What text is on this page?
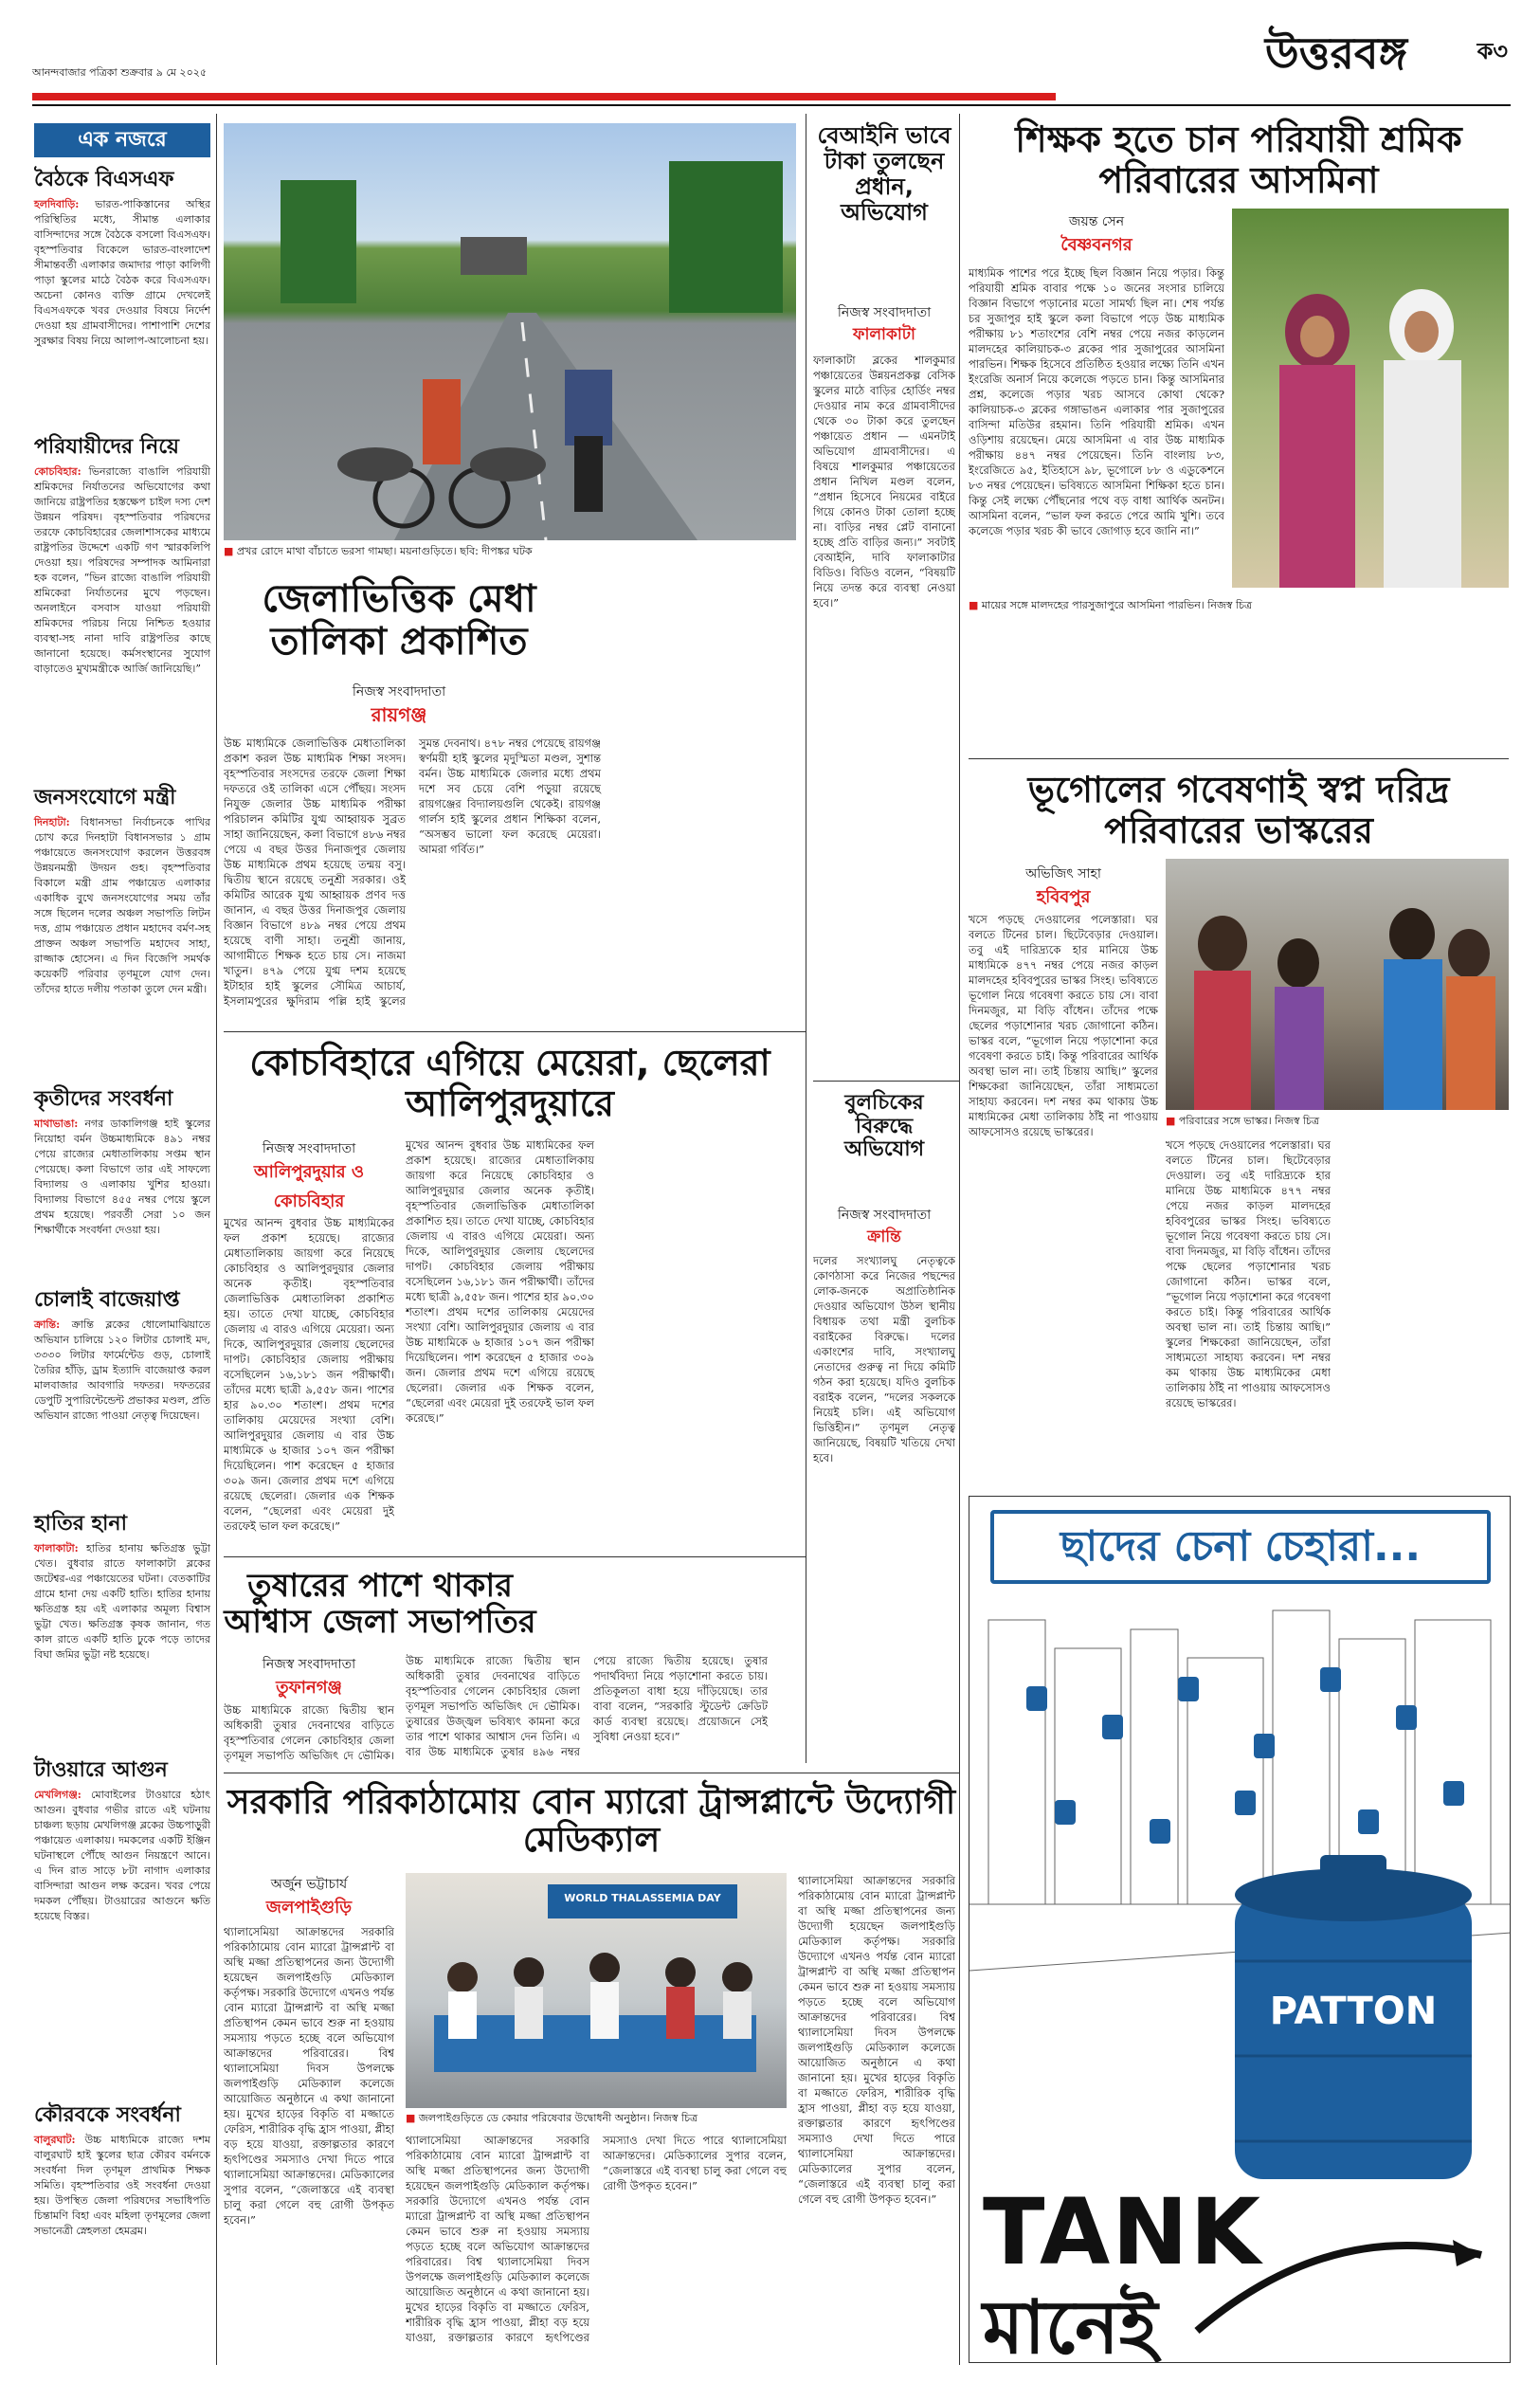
আনন্দবাজার পত্রিকা শুক্রবার ৯ মে ২০২৫	উত্তরবঙ্গ	ক৩
এক নজরে
বৈঠকে বিএসএফ

হলদিবাড়ি: ভারত-পাকিস্তানের অস্থির পরিস্থিতির মধ্যে, সীমান্ত এলাকার বাসিন্দাদের সঙ্গে বৈঠকে বসলো বিএসএফ। বৃহস্পতিবার বিকেলে ভারত-বাংলাদেশ সীমান্তবর্তী এলাকার জমাদার পাড়া কালিগী পাড়া স্কুলের মাঠে বৈঠক করে বিএসএফ। অচেনা কোনও ব্যক্তি গ্রামে দেখলেই বিএসএফকে খবর দেওয়ার বিষয়ে নির্দেশ দেওয়া হয় গ্রামবাসীদের। পাশাপাশি দেশের সুরক্ষার বিষয় নিয়ে আলাপ-আলোচনা হয়।

পরিযায়ীদের নিয়ে

কোচবিহার: ভিনরাজ্যে বাঙালি পরিযায়ী শ্রমিকদের নির্যাতনের অভিযোগের কথা জানিয়ে রাষ্ট্রপতির হস্তক্ষেপ চাইল দস্য দেশ উন্নয়ন পরিষদ। বৃহস্পতিবার পরিষদের তরফে কোচবিহারের জেলাশাসকের মাধ্যমে রাষ্ট্রপতির উদ্দেশে একটি গণ স্মারকলিপি দেওয়া হয়। পরিষদের সম্পাদক আমিনারা হক বলেন, “ভিন রাজ্যে বাঙালি পরিযায়ী শ্রমিকেরা নির্যাতনের মুখে পড়ছেন। অনলাইনে বসবাস যাওয়া পরিযায়ী শ্রমিকদের পরিচয় নিয়ে নিশ্চিত হওয়ার ব্যবস্থা-সহ নানা দাবি রাষ্ট্রপতির কাছে জানানো হয়েছে। কর্মসংস্থানের সুযোগ বাড়াতেও মুখ্যমন্ত্রীকে আর্জি জানিয়েছি।”

জনসংযোগে মন্ত্রী

দিনহাটা: বিধানসভা নির্বাচনকে পাখির চোখ করে দিনহাটা বিধানসভার ১ গ্রাম পঞ্চায়েতে জনসংযোগ করলেন উত্তরবঙ্গ উন্নয়নমন্ত্রী উদয়ন গুহ। বৃহস্পতিবার বিকালে মন্ত্রী গ্রাম পঞ্চায়েত এলাকার একাধিক বুথে জনসংযোগের সময় তাঁর সঙ্গে ছিলেন দলের অঞ্চল সভাপতি লিটন দত্ত, গ্রাম পঞ্চায়েত প্রধান মহাদেব বর্মণ-সহ প্রাক্তন অঞ্চল সভাপতি মহাদেব সাহা, রাজ্জাক হোসেন। এ দিন বিজেপি সমর্থক কয়েকটি পরিবার তৃণমূলে যোগ দেন। তাঁদের হাতে দলীয় পতাকা তুলে দেন মন্ত্রী।

কৃতীদের সংবর্ধনা

মাথাভাঙা: নগর ডাকালিগঞ্জ হাই স্কুলের নিয়োহা বর্মন উচ্চমাধ্যমিকে ৪৯১ নম্বর পেয়ে রাজ্যের মেধাতালিকায় সপ্তম স্থান পেয়েছে। কলা বিভাগে তার এই সাফল্যে বিদ্যালয় ও এলাকায় খুশির হাওয়া। বিদ্যালয় বিভাগে ৪৫৫ নম্বর পেয়ে স্কুলে প্রথম হয়েছে। পরবর্তী সেরা ১০ জন শিক্ষার্থীকে সংবর্ধনা দেওয়া হয়।

চোলাই বাজেয়াপ্ত

ক্রান্তি: ক্রান্তি ব্লকের ধোলোমাঝিয়াতে অভিযান চালিয়ে ১২০ লিটার চোলাই মদ, ৩৩৩০ লিটার ফার্মেন্টেড গুড়, চোলাই তৈরির হাঁড়ি, ড্রাম ইত্যাদি বাজেয়াপ্ত করল মালবাজার আবগারি দফতর। দফতরের ডেপুটি সুপারিন্টেন্ডেন্ট প্রভাকর মণ্ডল, প্রতি অভিযান রাজ্যে পাওয়া নেতৃত্ব দিয়েছেন।

হাতির হানা

ফালাকাটা: হাতির হানায় ক্ষতিগ্রস্ত ভুট্টা খেত। বুধবার রাতে ফালাকাটা ব্লকের জটেশ্বর-এর পঞ্চায়েতের ঘটনা। বেতকাটির গ্রামে হানা দেয় একটি হাতি। হাতির হানায় ক্ষতিগ্রস্ত হয় এই এলাকার অমূল্য বিশ্বাস ভুট্টা খেত। ক্ষতিগ্রস্ত কৃষক জানান, গত কাল রাতে একটি হাতি ঢুকে পড়ে তাদের বিঘা জমির ভুট্টা নষ্ট হয়েছে।

টাওয়ারে আগুন

মেখলিগঞ্জ: মোবাইলের টাওয়ারে হঠাৎ আগুন। বুধবার গভীর রাতে এই ঘটনায় চাঞ্চল্য ছড়ায় মেখলিগঞ্জ ব্লকের উচ্চপাড়ুরী পঞ্চায়েত এলাকায়। দমকলের একটি ইঞ্জিন ঘটনাস্থলে পৌঁছে আগুন নিয়ন্ত্রণে আনে। এ দিন রাত সাড়ে ৮টা নাগাদ এলাকার বাসিন্দারা আগুন লক্ষ করেন। খবর পেয়ে দমকল পৌঁছয়। টাওয়ারের আগুনে ক্ষতি হয়েছে বিস্তর।

কৌরবকে সংবর্ধনা

বালুরঘাট: উচ্চ মাধ্যমিকে রাজ্যে দশম বালুরঘাট হাই স্কুলের ছাত্র কৌরব বর্মনকে সংবর্ধনা দিল তৃণমূল প্রাথমিক শিক্ষক সমিতি। বৃহস্পতিবার ওই সংবর্ধনা দেওয়া হয়। উপস্থিত জেলা পরিষদের সভাধিপতি চিন্তামণি বিহা এবং মহিলা তৃণমূলের জেলা সভানেত্রী স্নেহলতা হেমব্রম।

■ প্রখর রোদে মাথা বাঁচাতে ভরসা গামছা। ময়নাগুড়িতে। ছবি: দীপঙ্কর ঘটক
জেলাভিত্তিক মেধা তালিকা প্রকাশিত
নিজস্ব সংবাদদাতা
রায়গঞ্জ
উচ্চ মাধ্যমিকে জেলাভিত্তিক মেধাতালিকা প্রকাশ করল উচ্চ মাধ্যমিক শিক্ষা সংসদ। বৃহস্পতিবার সংসদের তরফে জেলা শিক্ষা দফতরে ওই তালিকা এসে পৌঁছয়। সংসদ নিযুক্ত জেলার উচ্চ মাধ্যমিক পরীক্ষা পরিচালন কমিটির যুগ্ম আহ্বায়ক সুব্রত সাহা জানিয়েছেন, কলা বিভাগে ৪৮৬ নম্বর পেয়ে এ বছর উত্তর দিনাজপুর জেলায় উচ্চ মাধ্যমিকে প্রথম হয়েছে তন্ময় বসু। দ্বিতীয় স্থানে রয়েছে তনুশ্রী সরকার। ওই কমিটির আরেক যুগ্ম আহ্বায়ক প্রণব দত্ত জানান, এ বছর উত্তর দিনাজপুর জেলায় বিজ্ঞান বিভাগে ৪৮৯ নম্বর পেয়ে প্রথম হয়েছে বাণী সাহা। তনুশ্রী জানায়, আগামীতে শিক্ষক হতে চায় সে। নাজমা খাতুন। ৪৭৯ পেয়ে যুগ্ম দশম হয়েছে ইটাহার হাই স্কুলের সৌমিত্র আচার্য, ইসলামপুরের ক্ষুদিরাম পল্লি হাই স্কুলের সুমন্ত দেবনাথ। ৪৭৮ নম্বর পেয়েছে রায়গঞ্জ স্বর্ণময়ী হাই স্কুলের মৃদুস্মিতা মণ্ডল, সুশান্ত বর্মন। উচ্চ মাধ্যমিকে জেলার মধ্যে প্রথম দশে সব চেয়ে বেশি পড়ুয়া রয়েছে রায়গঞ্জের বিদ্যালয়গুলি থেকেই। রায়গঞ্জ গার্লস হাই স্কুলের প্রধান শিক্ষিকা বলেন, “অসম্ভব ভালো ফল করেছে মেয়েরা। আমরা গর্বিত।”
বেআইনি ভাবে টাকা তুলছেন প্রধান, অভিযোগ
নিজস্ব সংবাদদাতা
ফালাকাটা
ফালাকাটা ব্লকের শালকুমার পঞ্চায়েতের উন্নয়নপ্রকল্প বেসিক স্কুলের মাঠে বাড়ির হোর্ডিং নম্বর দেওয়ার নাম করে গ্রামবাসীদের থেকে ৩০ টাকা করে তুলছেন পঞ্চায়েত প্রধান — এমনটাই অভিযোগ গ্রামবাসীদের। এ বিষয়ে শালকুমার পঞ্চায়েতের প্রধান নিখিল মণ্ডল বলেন, “প্রধান হিসেবে নিয়মের বাইরে গিয়ে কোনও টাকা তোলা হচ্ছে না। বাড়ির নম্বর প্লেট বানানো হচ্ছে প্রতি বাড়ির জন্য।” সবটাই বেআইনি, দাবি ফালাকাটার বিডিও। বিডিও বলেন, “বিষয়টি নিয়ে তদন্ত করে ব্যবস্থা নেওয়া হবে।”
শিক্ষক হতে চান পরিযায়ী শ্রমিক পরিবারের আসমিনা
জয়ন্ত সেন
বৈষ্ণবনগর
মাধ্যমিক পাশের পরে ইচ্ছে ছিল বিজ্ঞান নিয়ে পড়ার। কিন্তু পরিযায়ী শ্রমিক বাবার পক্ষে ১০ জনের সংসার চালিয়ে বিজ্ঞান বিভাগে পড়ানোর মতো সামর্থ্য ছিল না। শেষ পর্যন্ত চর সুজাপুর হাই স্কুলে কলা বিভাগে পড়ে উচ্চ মাধ্যমিক পরীক্ষায় ৮১ শতাংশের বেশি নম্বর পেয়ে নজর কাড়লেন মালদহের কালিয়াচক-৩ ব্লকের পার সুজাপুরের আসমিনা পারভিন। শিক্ষক হিসেবে প্রতিষ্ঠিত হওয়ার লক্ষ্যে তিনি এখন ইংরেজি অনার্স নিয়ে কলেজে পড়তে চান। কিন্তু আসমিনার প্রশ্ন, কলেজে পড়ার খরচ আসবে কোথা থেকে? কালিয়াচক-৩ ব্লকের গঙ্গাভাঙন এলাকার পার সুজাপুরের বাসিন্দা মতিউর রহমান। তিনি পরিযায়ী শ্রমিক। এখন ওড়িশায় রয়েছেন। মেয়ে আসমিনা এ বার উচ্চ মাধ্যমিক পরীক্ষায় ৪৪৭ নম্বর পেয়েছেন। তিনি বাংলায় ৮৩, ইংরেজিতে ৯৫, ইতিহাসে ৯৮, ভূগোলে ৮৮ ও এডুকেশনে ৮৩ নম্বর পেয়েছেন। ভবিষ্যতে আসমিনা শিক্ষিকা হতে চান। কিন্তু সেই লক্ষ্যে পৌঁছনোর পথে বড় বাধা আর্থিক অনটন। আসমিনা বলেন, “ভাল ফল করতে পেরে আমি খুশি। তবে কলেজে পড়ার খরচ কী ভাবে জোগাড় হবে জানি না।”
■ মায়ের সঙ্গে মালদহের পারসুজাপুরে আসমিনা পারভিন। নিজস্ব চিত্র
ভূগোলের গবেষণাই স্বপ্ন দরিদ্র পরিবারের ভাস্করের
অভিজিৎ সাহা
হবিবপুর
■ পরিবারের সঙ্গে ভাস্কর। নিজস্ব চিত্র
খসে পড়ছে দেওয়ালের পলেস্তারা। ঘর বলতে টিনের চাল। ছিটেবেড়ার দেওয়াল। তবু এই দারিদ্র্যকে হার মানিয়ে উচ্চ মাধ্যমিকে ৪৭৭ নম্বর পেয়ে নজর কাড়ল মালদহের হবিবপুরের ভাস্কর সিংহ। ভবিষ্যতে ভূগোল নিয়ে গবেষণা করতে চায় সে। বাবা দিনমজুর, মা বিড়ি বাঁধেন। তাঁদের পক্ষে ছেলের পড়াশোনার খরচ জোগানো কঠিন। ভাস্কর বলে, “ভূগোল নিয়ে পড়াশোনা করে গবেষণা করতে চাই। কিন্তু পরিবারের আর্থিক অবস্থা ভাল না। তাই চিন্তায় আছি।” স্কুলের শিক্ষকেরা জানিয়েছেন, তাঁরা সাধ্যমতো সাহায্য করবেন। দশ নম্বর কম থাকায় উচ্চ মাধ্যমিকের মেধা তালিকায় ঠাঁই না পাওয়ায় আফসোসও রয়েছে ভাস্করের।
খসে পড়ছে দেওয়ালের পলেস্তারা। ঘর বলতে টিনের চাল। ছিটেবেড়ার দেওয়াল। তবু এই দারিদ্র্যকে হার মানিয়ে উচ্চ মাধ্যমিকে ৪৭৭ নম্বর পেয়ে নজর কাড়ল মালদহের হবিবপুরের ভাস্কর সিংহ। ভবিষ্যতে ভূগোল নিয়ে গবেষণা করতে চায় সে। বাবা দিনমজুর, মা বিড়ি বাঁধেন। তাঁদের পক্ষে ছেলের পড়াশোনার খরচ জোগানো কঠিন। ভাস্কর বলে, “ভূগোল নিয়ে পড়াশোনা করে গবেষণা করতে চাই। কিন্তু পরিবারের আর্থিক অবস্থা ভাল না। তাই চিন্তায় আছি।” স্কুলের শিক্ষকেরা জানিয়েছেন, তাঁরা সাধ্যমতো সাহায্য করবেন। দশ নম্বর কম থাকায় উচ্চ মাধ্যমিকের মেধা তালিকায় ঠাঁই না পাওয়ায় আফসোসও রয়েছে ভাস্করের।
কোচবিহারে এগিয়ে মেয়েরা, ছেলেরা আলিপুরদুয়ারে
নিজস্ব সংবাদদাতা
আলিপুরদুয়ার ও কোচবিহার
মুখের আনন্দ বুধবার উচ্চ মাধ্যমিকের ফল প্রকাশ হয়েছে। রাজ্যের মেধাতালিকায় জায়গা করে নিয়েছে কোচবিহার ও আলিপুরদুয়ার জেলার অনেক কৃতীই। বৃহস্পতিবার জেলাভিত্তিক মেধাতালিকা প্রকাশিত হয়। তাতে দেখা যাচ্ছে, কোচবিহার জেলায় এ বারও এগিয়ে মেয়েরা। অন্য দিকে, আলিপুরদুয়ার জেলায় ছেলেদের দাপট। কোচবিহার জেলায় পরীক্ষায় বসেছিলেন ১৬,১৮১ জন পরীক্ষার্থী। তাঁদের মধ্যে ছাত্রী ৯,৫৫৮ জন। পাশের হার ৯০.৩০ শতাংশ। প্রথম দশের তালিকায় মেয়েদের সংখ্যা বেশি। আলিপুরদুয়ার জেলায় এ বার উচ্চ মাধ্যমিকে ৬ হাজার ১০৭ জন পরীক্ষা দিয়েছিলেন। পাশ করেছেন ৫ হাজার ৩০৯ জন। জেলার প্রথম দশে এগিয়ে রয়েছে ছেলেরা। জেলার এক শিক্ষক বলেন, “ছেলেরা এবং মেয়েরা দুই তরফেই ভাল ফল করেছে।”
মুখের আনন্দ বুধবার উচ্চ মাধ্যমিকের ফল প্রকাশ হয়েছে। রাজ্যের মেধাতালিকায় জায়গা করে নিয়েছে কোচবিহার ও আলিপুরদুয়ার জেলার অনেক কৃতীই। বৃহস্পতিবার জেলাভিত্তিক মেধাতালিকা প্রকাশিত হয়। তাতে দেখা যাচ্ছে, কোচবিহার জেলায় এ বারও এগিয়ে মেয়েরা। অন্য দিকে, আলিপুরদুয়ার জেলায় ছেলেদের দাপট। কোচবিহার জেলায় পরীক্ষায় বসেছিলেন ১৬,১৮১ জন পরীক্ষার্থী। তাঁদের মধ্যে ছাত্রী ৯,৫৫৮ জন। পাশের হার ৯০.৩০ শতাংশ। প্রথম দশের তালিকায় মেয়েদের সংখ্যা বেশি। আলিপুরদুয়ার জেলায় এ বার উচ্চ মাধ্যমিকে ৬ হাজার ১০৭ জন পরীক্ষা দিয়েছিলেন। পাশ করেছেন ৫ হাজার ৩০৯ জন। জেলার প্রথম দশে এগিয়ে রয়েছে ছেলেরা। জেলার এক শিক্ষক বলেন, “ছেলেরা এবং মেয়েরা দুই তরফেই ভাল ফল করেছে।”
বুলচিকের বিরুদ্ধে অভিযোগ
নিজস্ব সংবাদদাতা
ক্রান্তি
দলের সংখ্যালঘু নেতৃত্বকে কোণঠাসা করে নিজের পছন্দের লোক-জনকে অপ্রাতিষ্ঠানিক দেওয়ার অভিযোগ উঠল স্থানীয় বিধায়ক তথা মন্ত্রী বুলচিক বরাইকের বিরুদ্ধে। দলের একাংশের দাবি, সংখ্যালঘু নেতাদের গুরুত্ব না দিয়ে কমিটি গঠন করা হয়েছে। যদিও বুলচিক বরাইক বলেন, “দলের সকলকে নিয়েই চলি। এই অভিযোগ ভিত্তিহীন।” তৃণমূল নেতৃত্ব জানিয়েছে, বিষয়টি খতিয়ে দেখা হবে।
তুষারের পাশে থাকার আশ্বাস জেলা সভাপতির
নিজস্ব সংবাদদাতা
তুফানগঞ্জ
উচ্চ মাধ্যমিকে রাজ্যে দ্বিতীয় স্থান অধিকারী তুষার দেবনাথের বাড়িতে বৃহস্পতিবার গেলেন কোচবিহার জেলা তৃণমূল সভাপতি অভিজিৎ দে ভৌমিক।
উচ্চ মাধ্যমিকে রাজ্যে দ্বিতীয় স্থান অধিকারী তুষার দেবনাথের বাড়িতে বৃহস্পতিবার গেলেন কোচবিহার জেলা তৃণমূল সভাপতি অভিজিৎ দে ভৌমিক। তুষারের উজ্জ্বল ভবিষ্যৎ কামনা করে তার পাশে থাকার আশ্বাস দেন তিনি। এ বার উচ্চ মাধ্যমিকে তুষার ৪৯৬ নম্বর পেয়ে রাজ্যে দ্বিতীয় হয়েছে। তুষার পদার্থবিদ্যা নিয়ে পড়াশোনা করতে চায়। প্রতিকূলতা বাধা হয়ে দাঁড়িয়েছে। তার বাবা বলেন, “সরকারি স্টুডেন্ট ক্রেডিট কার্ড ব্যবস্থা রয়েছে। প্রয়োজনে সেই সুবিধা নেওয়া হবে।”
সরকারি পরিকাঠামোয় বোন ম্যারো ট্রান্সপ্লান্টে উদ্যোগী মেডিক্যাল
অর্জুন ভট্টাচার্য
জলপাইগুড়ি
থ্যালাসেমিয়া আক্রান্তদের সরকারি পরিকাঠামোয় বোন ম্যারো ট্রান্সপ্লান্ট বা অস্থি মজ্জা প্রতিস্থাপনের জন্য উদ্যোগী হয়েছেন জলপাইগুড়ি মেডিক্যাল কর্তৃপক্ষ। সরকারি উদ্যোগে এখনও পর্যন্ত বোন ম্যারো ট্রান্সপ্লান্ট বা অস্থি মজ্জা প্রতিস্থাপন কেমন ভাবে শুরু না হওয়ায় সমস্যায় পড়তে হচ্ছে বলে অভিযোগ আক্রান্তদের পরিবারের। বিশ্ব থ্যালাসেমিয়া দিবস উপলক্ষে জলপাইগুড়ি মেডিক্যাল কলেজে আয়োজিত অনুষ্ঠানে এ কথা জানানো হয়। মুখের হাড়ের বিকৃতি বা মজ্জাতে ফেরিস, শারীরিক বৃদ্ধি হ্রাস পাওয়া, প্লীহা বড় হয়ে যাওয়া, রক্তাল্পতার কারণে হৃৎপিণ্ডের সমস্যাও দেখা দিতে পারে থ্যালাসেমিয়া আক্রান্তদের। মেডিক্যালের সুপার বলেন, “জেলাস্তরে এই ব্যবস্থা চালু করা গেলে বহু রোগী উপকৃত হবেন।”
WORLD THALASSEMIA DAY
■ জলপাইগুড়িতে ডে কেয়ার পরিষেবার উদ্বোধনী অনুষ্ঠান। নিজস্ব চিত্র
থ্যালাসেমিয়া আক্রান্তদের সরকারি পরিকাঠামোয় বোন ম্যারো ট্রান্সপ্লান্ট বা অস্থি মজ্জা প্রতিস্থাপনের জন্য উদ্যোগী হয়েছেন জলপাইগুড়ি মেডিক্যাল কর্তৃপক্ষ। সরকারি উদ্যোগে এখনও পর্যন্ত বোন ম্যারো ট্রান্সপ্লান্ট বা অস্থি মজ্জা প্রতিস্থাপন কেমন ভাবে শুরু না হওয়ায় সমস্যায় পড়তে হচ্ছে বলে অভিযোগ আক্রান্তদের পরিবারের। বিশ্ব থ্যালাসেমিয়া দিবস উপলক্ষে জলপাইগুড়ি মেডিক্যাল কলেজে আয়োজিত অনুষ্ঠানে এ কথা জানানো হয়। মুখের হাড়ের বিকৃতি বা মজ্জাতে ফেরিস, শারীরিক বৃদ্ধি হ্রাস পাওয়া, প্লীহা বড় হয়ে যাওয়া, রক্তাল্পতার কারণে হৃৎপিণ্ডের সমস্যাও দেখা দিতে পারে থ্যালাসেমিয়া আক্রান্তদের। মেডিক্যালের সুপার বলেন, “জেলাস্তরে এই ব্যবস্থা চালু করা গেলে বহু রোগী উপকৃত হবেন।”
থ্যালাসেমিয়া আক্রান্তদের সরকারি পরিকাঠামোয় বোন ম্যারো ট্রান্সপ্লান্ট বা অস্থি মজ্জা প্রতিস্থাপনের জন্য উদ্যোগী হয়েছেন জলপাইগুড়ি মেডিক্যাল কর্তৃপক্ষ। সরকারি উদ্যোগে এখনও পর্যন্ত বোন ম্যারো ট্রান্সপ্লান্ট বা অস্থি মজ্জা প্রতিস্থাপন কেমন ভাবে শুরু না হওয়ায় সমস্যায় পড়তে হচ্ছে বলে অভিযোগ আক্রান্তদের পরিবারের। বিশ্ব থ্যালাসেমিয়া দিবস উপলক্ষে জলপাইগুড়ি মেডিক্যাল কলেজে আয়োজিত অনুষ্ঠানে এ কথা জানানো হয়। মুখের হাড়ের বিকৃতি বা মজ্জাতে ফেরিস, শারীরিক বৃদ্ধি হ্রাস পাওয়া, প্লীহা বড় হয়ে যাওয়া, রক্তাল্পতার কারণে হৃৎপিণ্ডের সমস্যাও দেখা দিতে পারে থ্যালাসেমিয়া আক্রান্তদের। মেডিক্যালের সুপার বলেন, “জেলাস্তরে এই ব্যবস্থা চালু করা গেলে বহু রোগী উপকৃত হবেন।”
ছাদের চেনা চেহারা...
PATTON
TANK
মানেই
